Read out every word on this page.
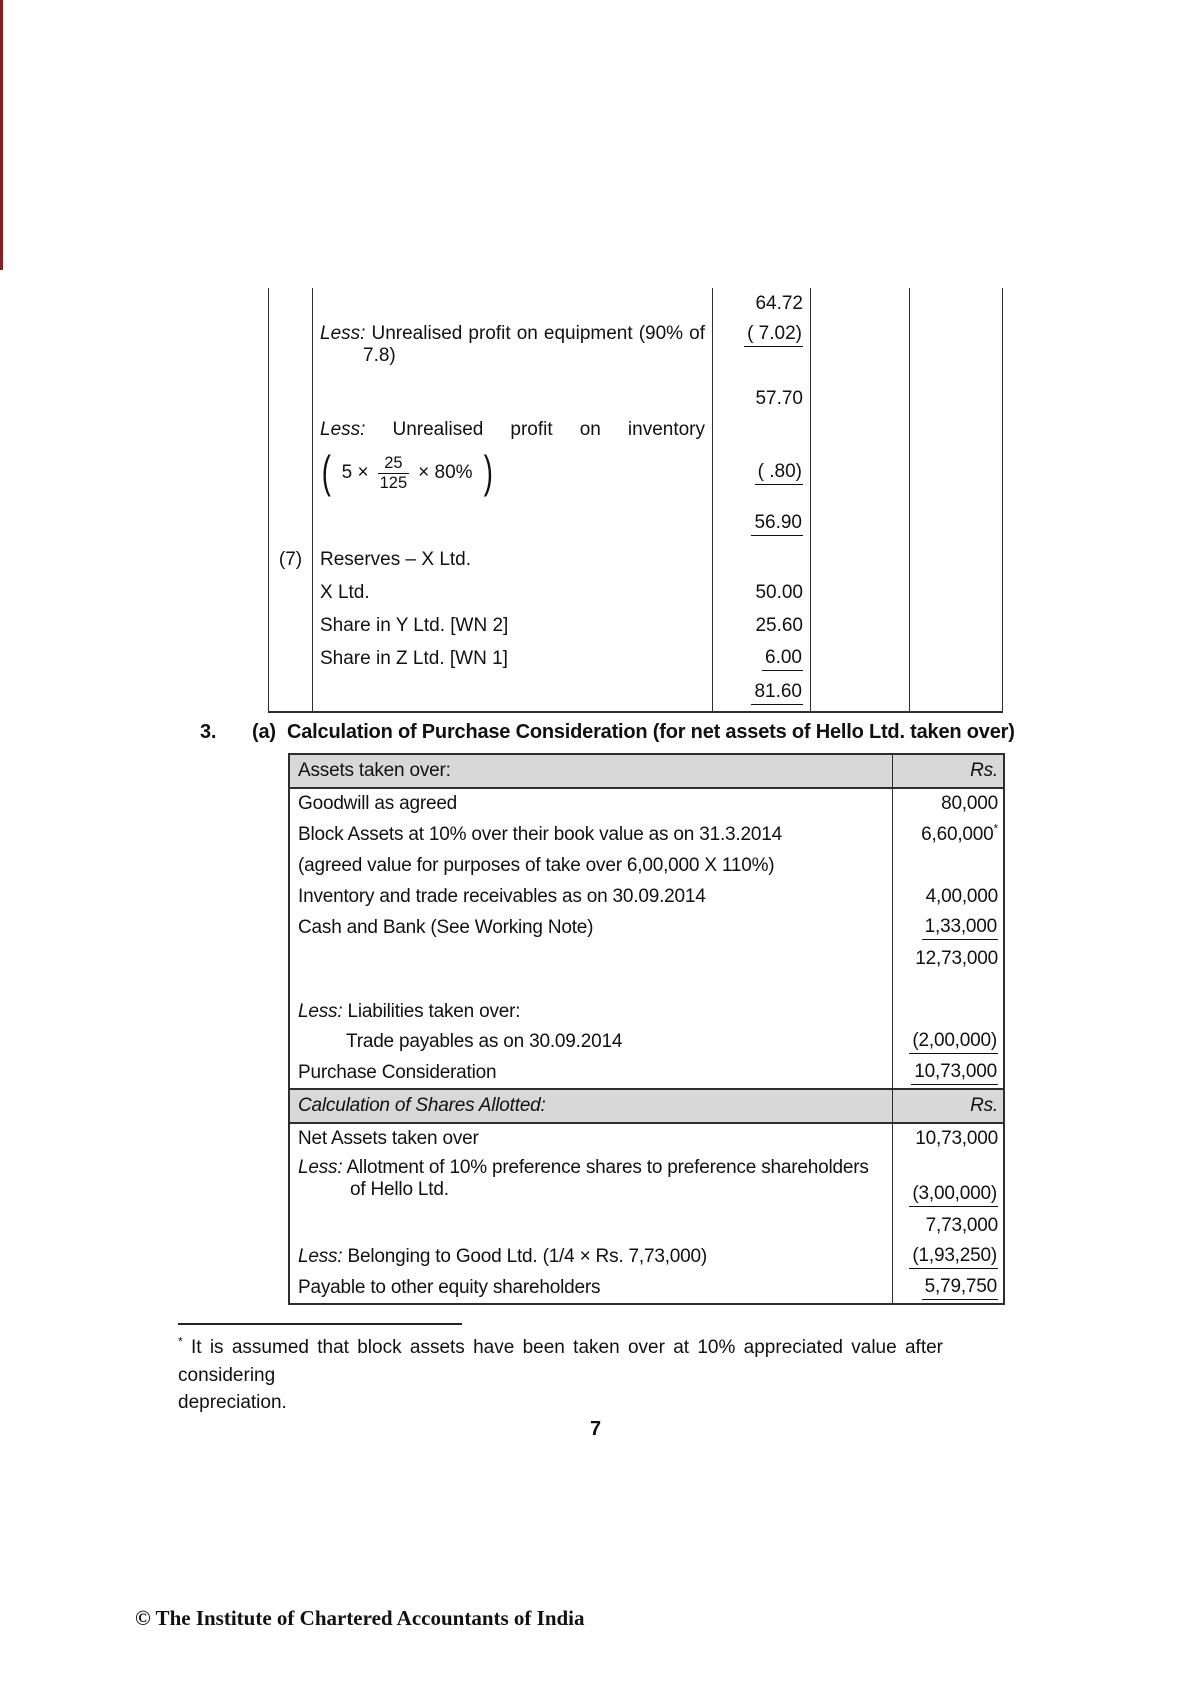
		64.72		

	Less: Unrealised profit on equipment (90% of
7.8)	( 7.02)		
		57.70		

	Less: Unrealised profit on inventory			

( $5 \times \frac{25}{125} \times 80\%$ )	( .80)		
		56.90		
(7)	Reserves – X Ltd.			
	X Ltd.	50.00		
	Share in Y Ltd. [WN 2]	25.60		
	Share in Z Ltd. [WN 1]	6.00		
		81.60		
3. (a) Calculation of Purchase Consideration (for net assets of Hello Ltd. taken over)
Assets taken over:	Rs.
Goodwill as agreed	80,000
Block Assets at 10% over their book value as on 31.3.2014	6,60,000*
(agreed value for purposes of take over 6,00,000 X 110%)	
Inventory and trade receivables as on 30.09.2014	4,00,000
Cash and Bank (See Working Note)	1,33,000
	12,73,000
Less: Liabilities taken over:	

Trade payables as on 30.09.2014	(2,00,000)
Purchase Consideration	10,73,000
Calculation of Shares Allotted:	Rs.
Net Assets taken over	10,73,000

Less: Allotment of 10% preference shares to preference shareholders
of Hello Ltd.	(3,00,000)
	7,73,000
Less: Belonging to Good Ltd. (1/4 × Rs. 7,73,000)	(1,93,250)
Payable to other equity shareholders	5,79,750
* It is assumed that block assets have been taken over at 10% appreciated value after considering
depreciation.
7
© The Institute of Chartered Accountants of India
